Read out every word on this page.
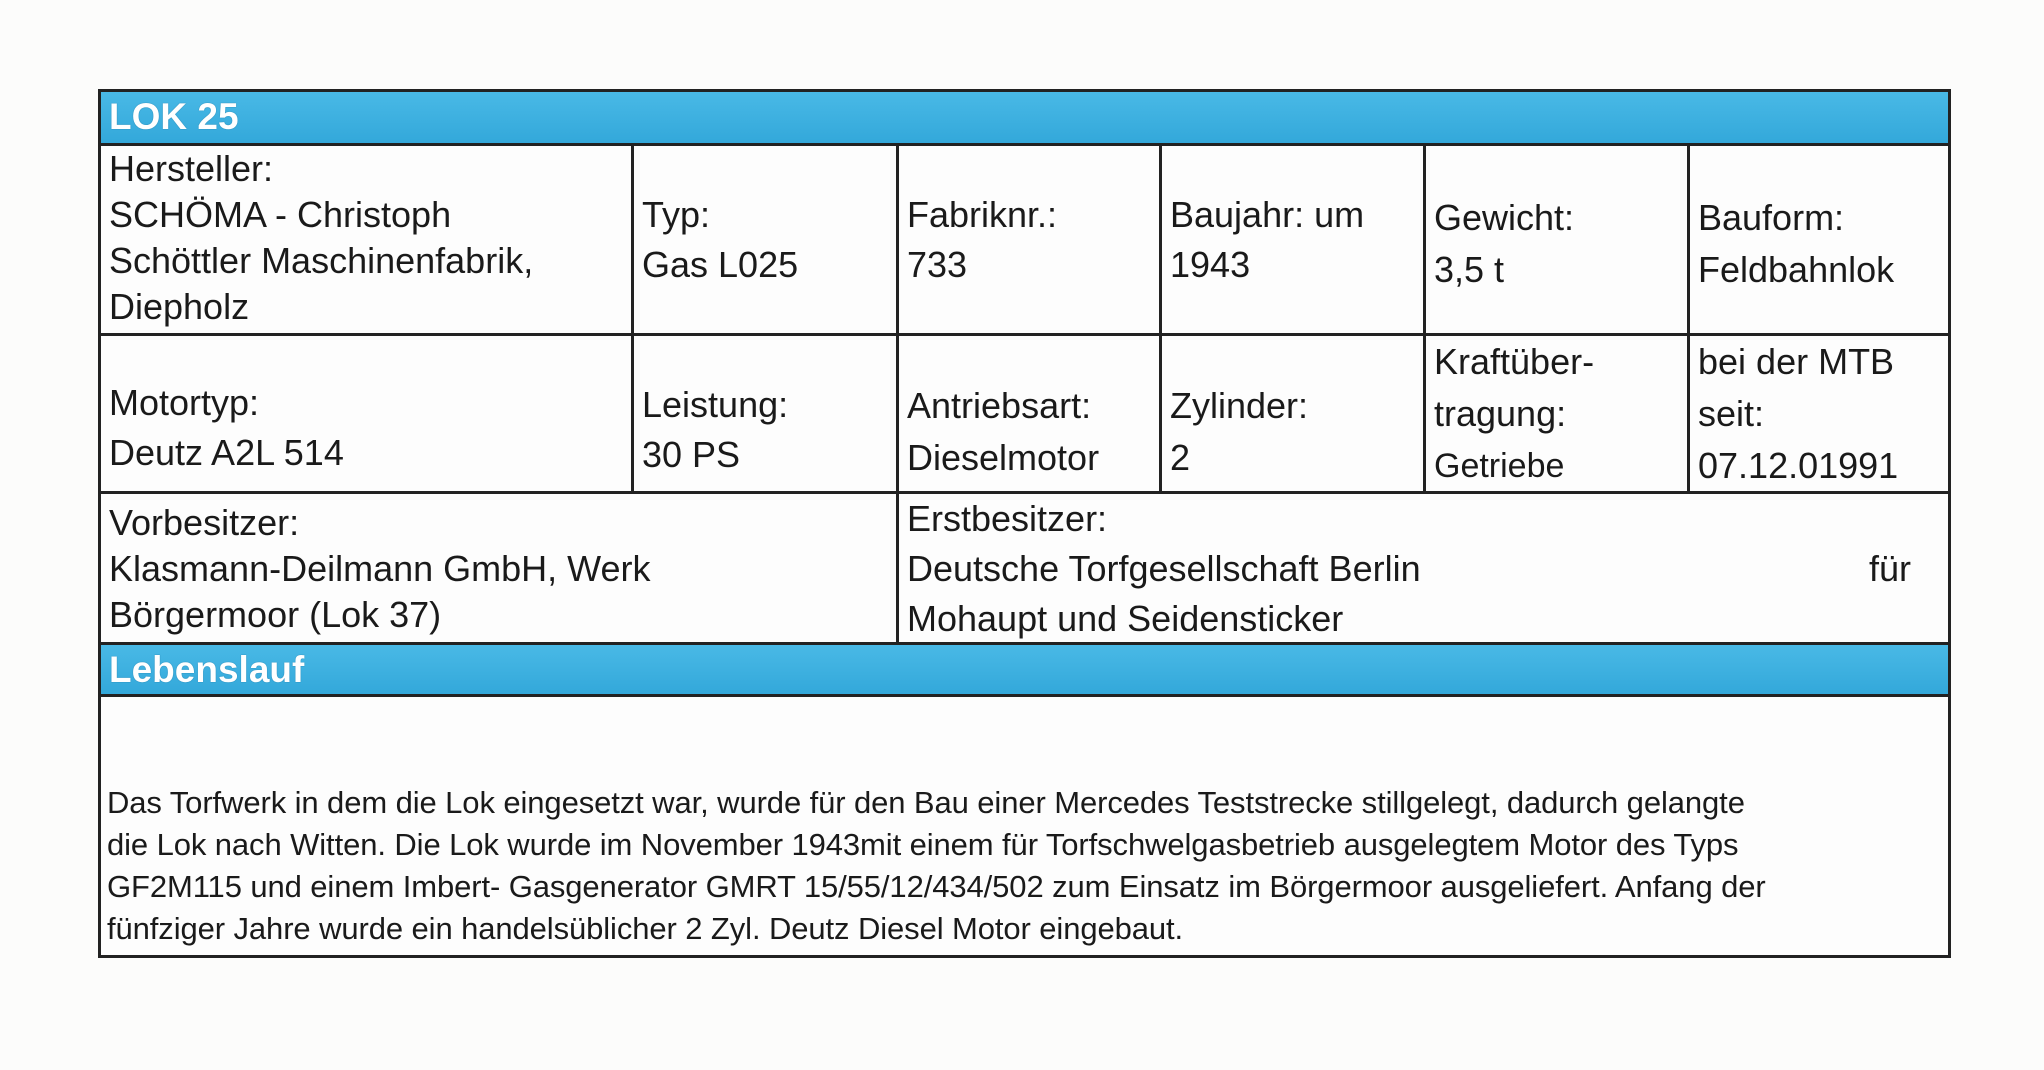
LOK 25
Hersteller:
SCHÖMA - Christoph
Schöttler Maschinenfabrik,
Diepholz
Typ:
Gas L025
Fabriknr.:
733
Baujahr: um
1943
Gewicht:
3,5 t
Bauform:
Feldbahnlok
Motortyp:
Deutz A2L 514
Leistung:
30 PS
Antriebsart:
Dieselmotor
Zylinder:
2
Kraftüber-
tragung:
Getriebe
bei der MTB
seit:
07.12.01991
Vorbesitzer:
Klasmann-Deilmann GmbH, Werk
Börgermoor (Lok 37)
Erstbesitzer:
Deutsche Torfgesellschaft Berlin	für
Mohaupt und Seidensticker
Lebenslauf
Das Torfwerk in dem die Lok eingesetzt war, wurde für den Bau einer Mercedes Teststrecke stillgelegt, dadurch gelangte
die Lok nach Witten. Die Lok wurde im November 1943mit einem für Torfschwelgasbetrieb ausgelegtem Motor des Typs
GF2M115 und einem Imbert- Gasgenerator GMRT 15/55/12/434/502 zum Einsatz im Börgermoor ausgeliefert. Anfang der
fünfziger Jahre wurde ein handelsüblicher 2 Zyl. Deutz Diesel Motor eingebaut.
